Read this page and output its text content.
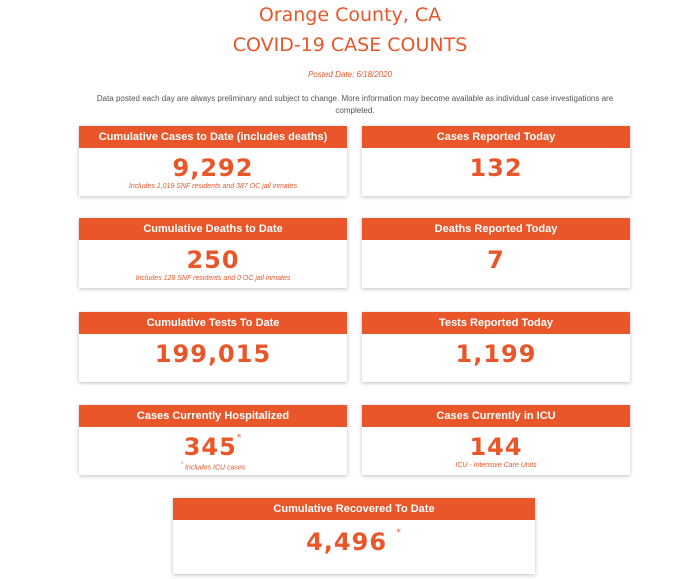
Orange County, CA
COVID-19 CASE COUNTS
Posted Date: 6/18/2020
Data posted each day are always preliminary and subject to change. More information may become available as individual case investigations are completed.
Cumulative Cases to Date (includes deaths)
9,292
Includes 1,019 SNF residents and 387 OC jail inmates
Cases Reported Today
132
Cumulative Deaths to Date
250
Includes 128 SNF residents and 0 OC jail inmates
Deaths Reported Today
7
Cumulative Tests To Date
199,015
Tests Reported Today
1,199
Cases Currently Hospitalized
345*
* Includes ICU cases
Cases Currently in ICU
144
ICU - Intensive Care Units
Cumulative Recovered To Date
4,496 *
